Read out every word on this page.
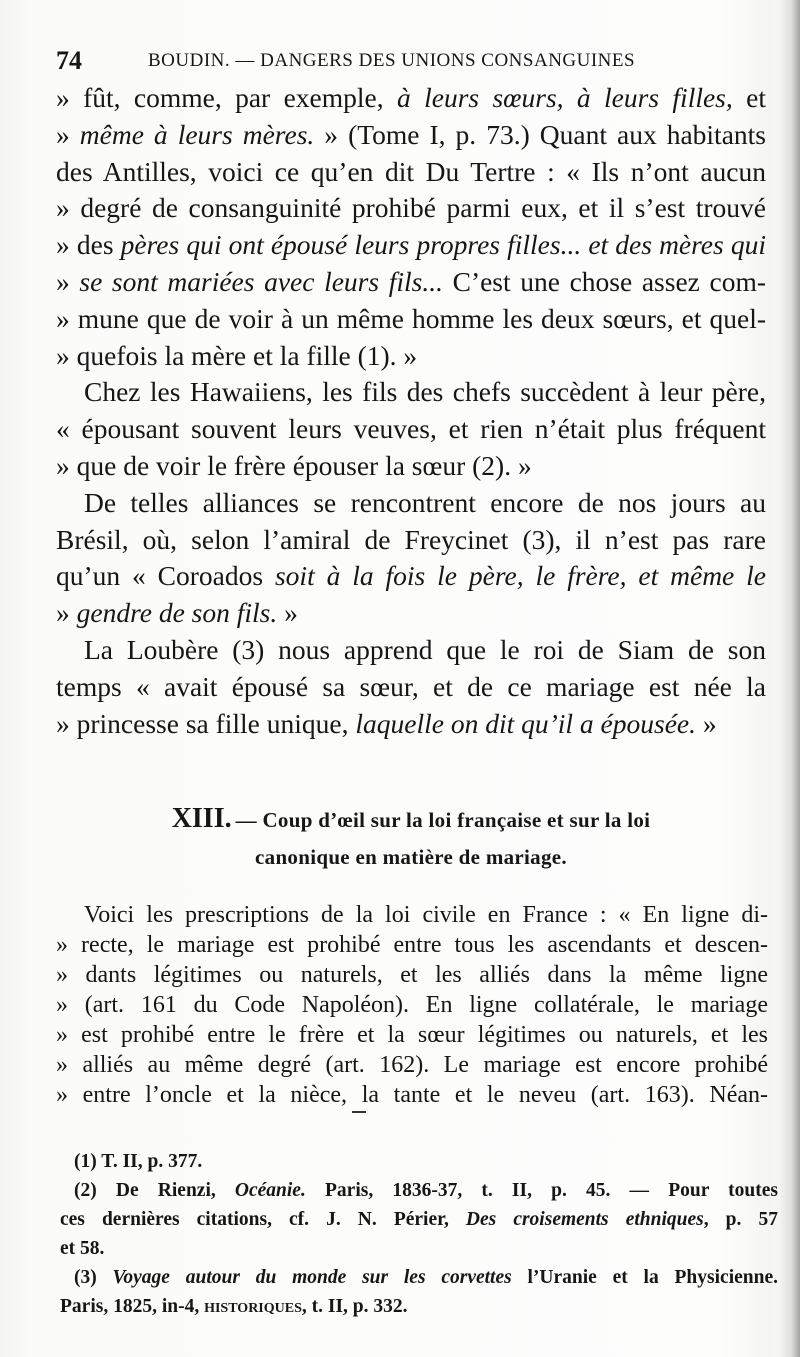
74	BOUDIN. — DANGERS DES UNIONS CONSANGUINES
» fût, comme, par exemple, à leurs sœurs, à leurs filles, et
» même à leurs mères. » (Tome I, p. 73.) Quant aux habitants
des Antilles, voici ce qu’en dit Du Tertre : « Ils n’ont aucun
» degré de consanguinité prohibé parmi eux, et il s’est trouvé
» des pères qui ont épousé leurs propres filles... et des mères qui
» se sont mariées avec leurs fils... C’est une chose assez com-
» mune que de voir à un même homme les deux sœurs, et quel-
» quefois la mère et la fille (1). »
Chez les Hawaiiens, les fils des chefs succèdent à leur père,
« épousant souvent leurs veuves, et rien n’était plus fréquent
» que de voir le frère épouser la sœur (2). »
De telles alliances se rencontrent encore de nos jours au
Brésil, où, selon l’amiral de Freycinet (3), il n’est pas rare
qu’un « Coroados soit à la fois le père, le frère, et même le
» gendre de son fils. »
La Loubère (3) nous apprend que le roi de Siam de son
temps « avait épousé sa sœur, et de ce mariage est née la
» princesse sa fille unique, laquelle on dit qu’il a épousée. »
XIII. — Coup d’œil sur la loi française et sur la loi
canonique en matière de mariage.
Voici les prescriptions de la loi civile en France : « En ligne di-
» recte, le mariage est prohibé entre tous les ascendants et descen-
» dants légitimes ou naturels, et les alliés dans la même ligne
» (art. 161 du Code Napoléon). En ligne collatérale, le mariage
» est prohibé entre le frère et la sœur légitimes ou naturels, et les
» alliés au même degré (art. 162). Le mariage est encore prohibé
» entre l’oncle et la nièce, la tante et le neveu (art. 163). Néan-
(1) T. II, p. 377.
(2) De Rienzi, Océanie. Paris, 1836-37, t. II, p. 45. — Pour toutes
ces dernières citations, cf. J. N. Périer, Des croisements ethniques, p. 57
et 58.
(3) Voyage autour du monde sur les corvettes l’Uranie et la Physicienne.
Paris, 1825, in-4, historiques, t. II, p. 332.
